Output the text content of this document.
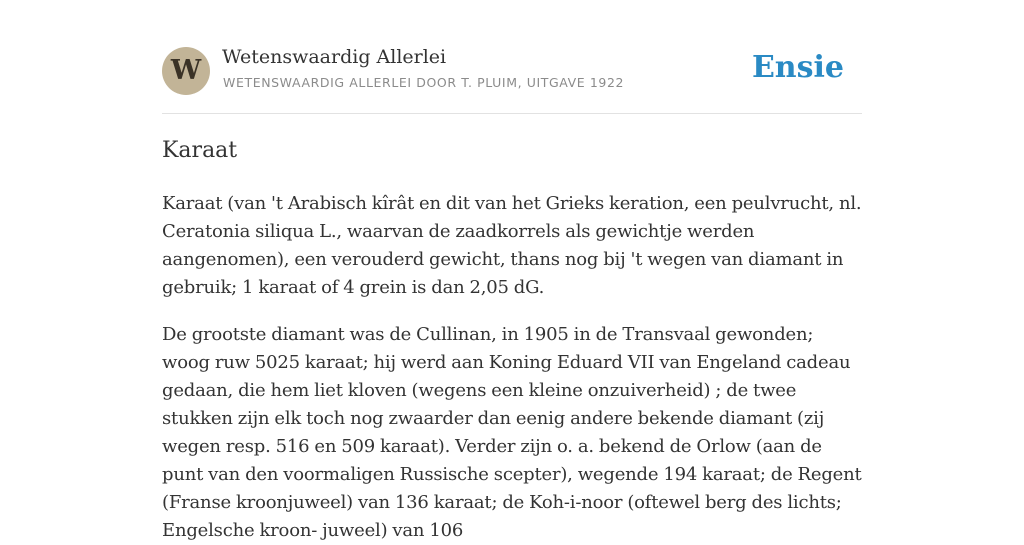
W	Wetenswaardig Allerlei
WETENSWAARDIG ALLERLEI DOOR T. PLUIM, UITGAVE 1922	Ensie
Karaat

Karaat (van 't Arabisch kîrât en dit van het Grieks keration, een peulvrucht, nl. Ceratonia siliqua L., waarvan de zaadkorrels als gewichtje werden aangenomen), een verouderd gewicht, thans nog bij 't wegen van diamant in gebruik; 1 karaat of 4 grein is dan 2,05 dG.

De grootste diamant was de Cullinan, in 1905 in de Transvaal gewonden; woog ruw 5025 karaat; hij werd aan Koning Eduard VII van Engeland cadeau gedaan, die hem liet kloven (wegens een kleine onzuiverheid) ; de twee stukken zijn elk toch nog zwaarder dan eenig andere bekende diamant (zij wegen resp. 516 en 509 karaat). Verder zijn o. a. bekend de Orlow (aan de punt van den voormaligen Russische scepter), wegende 194 karaat; de Regent (Franse kroonjuweel) van 136 karaat; de Koh-i-noor (oftewel berg des lichts; Engelsche kroon- juweel) van 106
